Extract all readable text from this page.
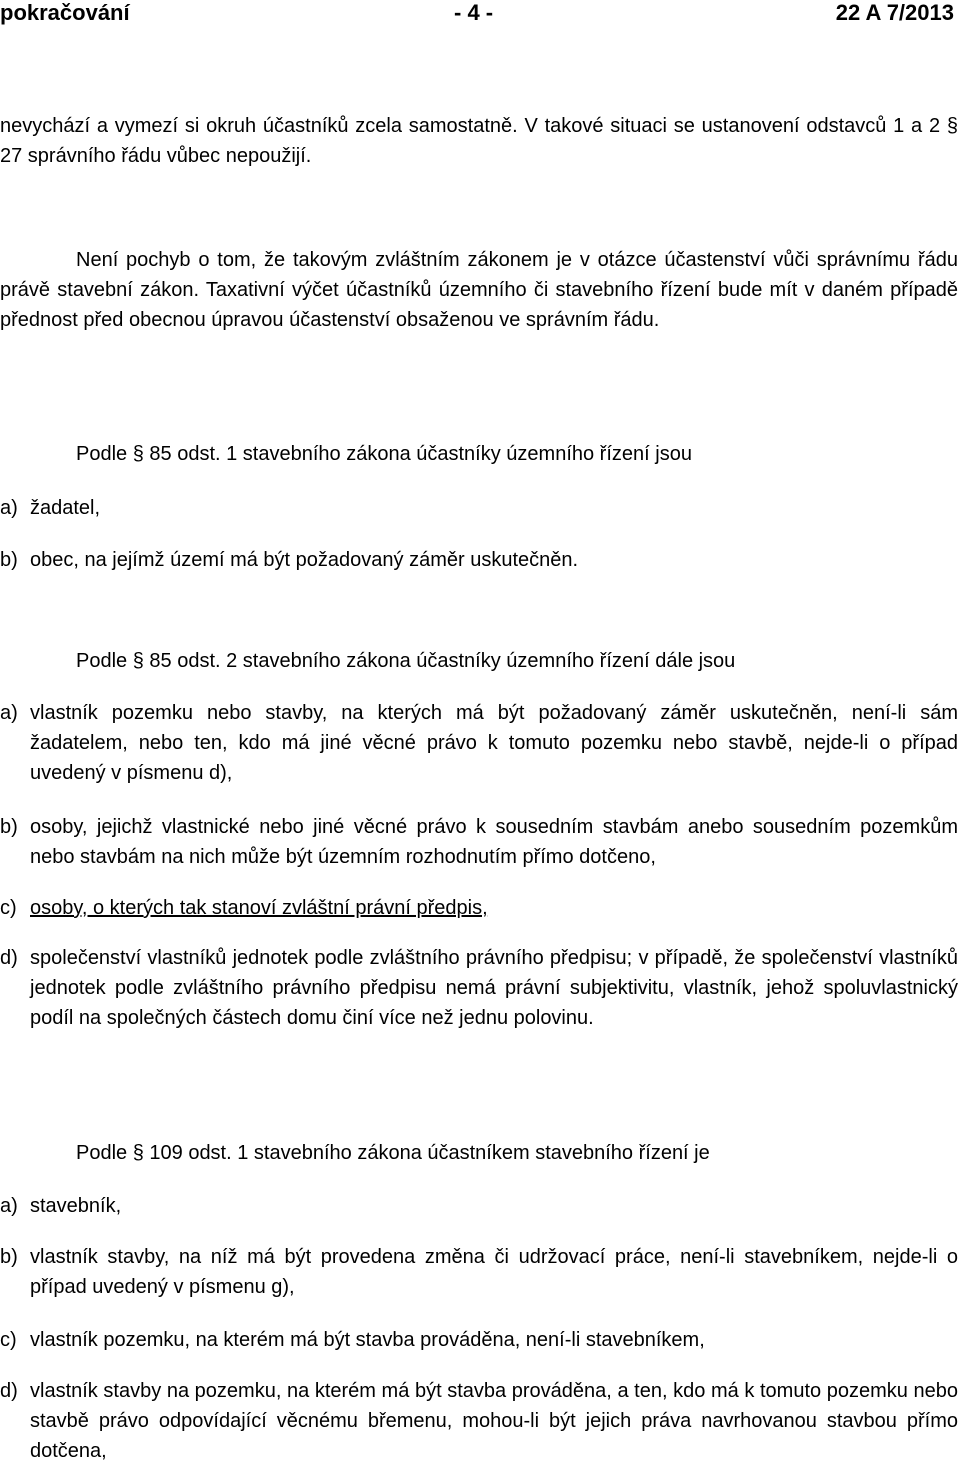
pokračování	- 4 -	22 A 7/2013
nevychází a vymezí si okruh účastníků zcela samostatně. V takové situaci se ustanovení odstavců 1 a 2 § 27 správního řádu vůbec nepoužijí.
Není pochyb o tom, že takovým zvláštním zákonem je v otázce účastenství vůči správnímu řádu právě stavební zákon. Taxativní výčet účastníků územního či stavebního řízení bude mít v daném případě přednost před obecnou úpravou účastenství obsaženou ve správním řádu.
Podle § 85 odst. 1 stavebního zákona účastníky územního řízení jsou
a) žadatel,
b) obec, na jejímž území má být požadovaný záměr uskutečněn.
Podle § 85 odst. 2 stavebního zákona účastníky územního řízení dále jsou
a) vlastník pozemku nebo stavby, na kterých má být požadovaný záměr uskutečněn, není-li sám žadatelem, nebo ten, kdo má jiné věcné právo k tomuto pozemku nebo stavbě, nejde-li o případ uvedený v písmenu d),
b) osoby, jejichž vlastnické nebo jiné věcné právo k sousedním stavbám anebo sousedním pozemkům nebo stavbám na nich může být územním rozhodnutím přímo dotčeno,
c) osoby, o kterých tak stanoví zvláštní právní předpis,
d) společenství vlastníků jednotek podle zvláštního právního předpisu; v případě, že společenství vlastníků jednotek podle zvláštního právního předpisu nemá právní subjektivitu, vlastník, jehož spoluvlastnický podíl na společných částech domu činí více než jednu polovinu.
Podle § 109 odst. 1 stavebního zákona účastníkem stavebního řízení je
a) stavebník,
b) vlastník stavby, na níž má být provedena změna či udržovací práce, není-li stavebníkem, nejde-li o případ uvedený v písmenu g),
c) vlastník pozemku, na kterém má být stavba prováděna, není-li stavebníkem,
d) vlastník stavby na pozemku, na kterém má být stavba prováděna, a ten, kdo má k tomuto pozemku nebo stavbě právo odpovídající věcnému břemenu, mohou-li být jejich práva navrhovanou stavbou přímo dotčena,
